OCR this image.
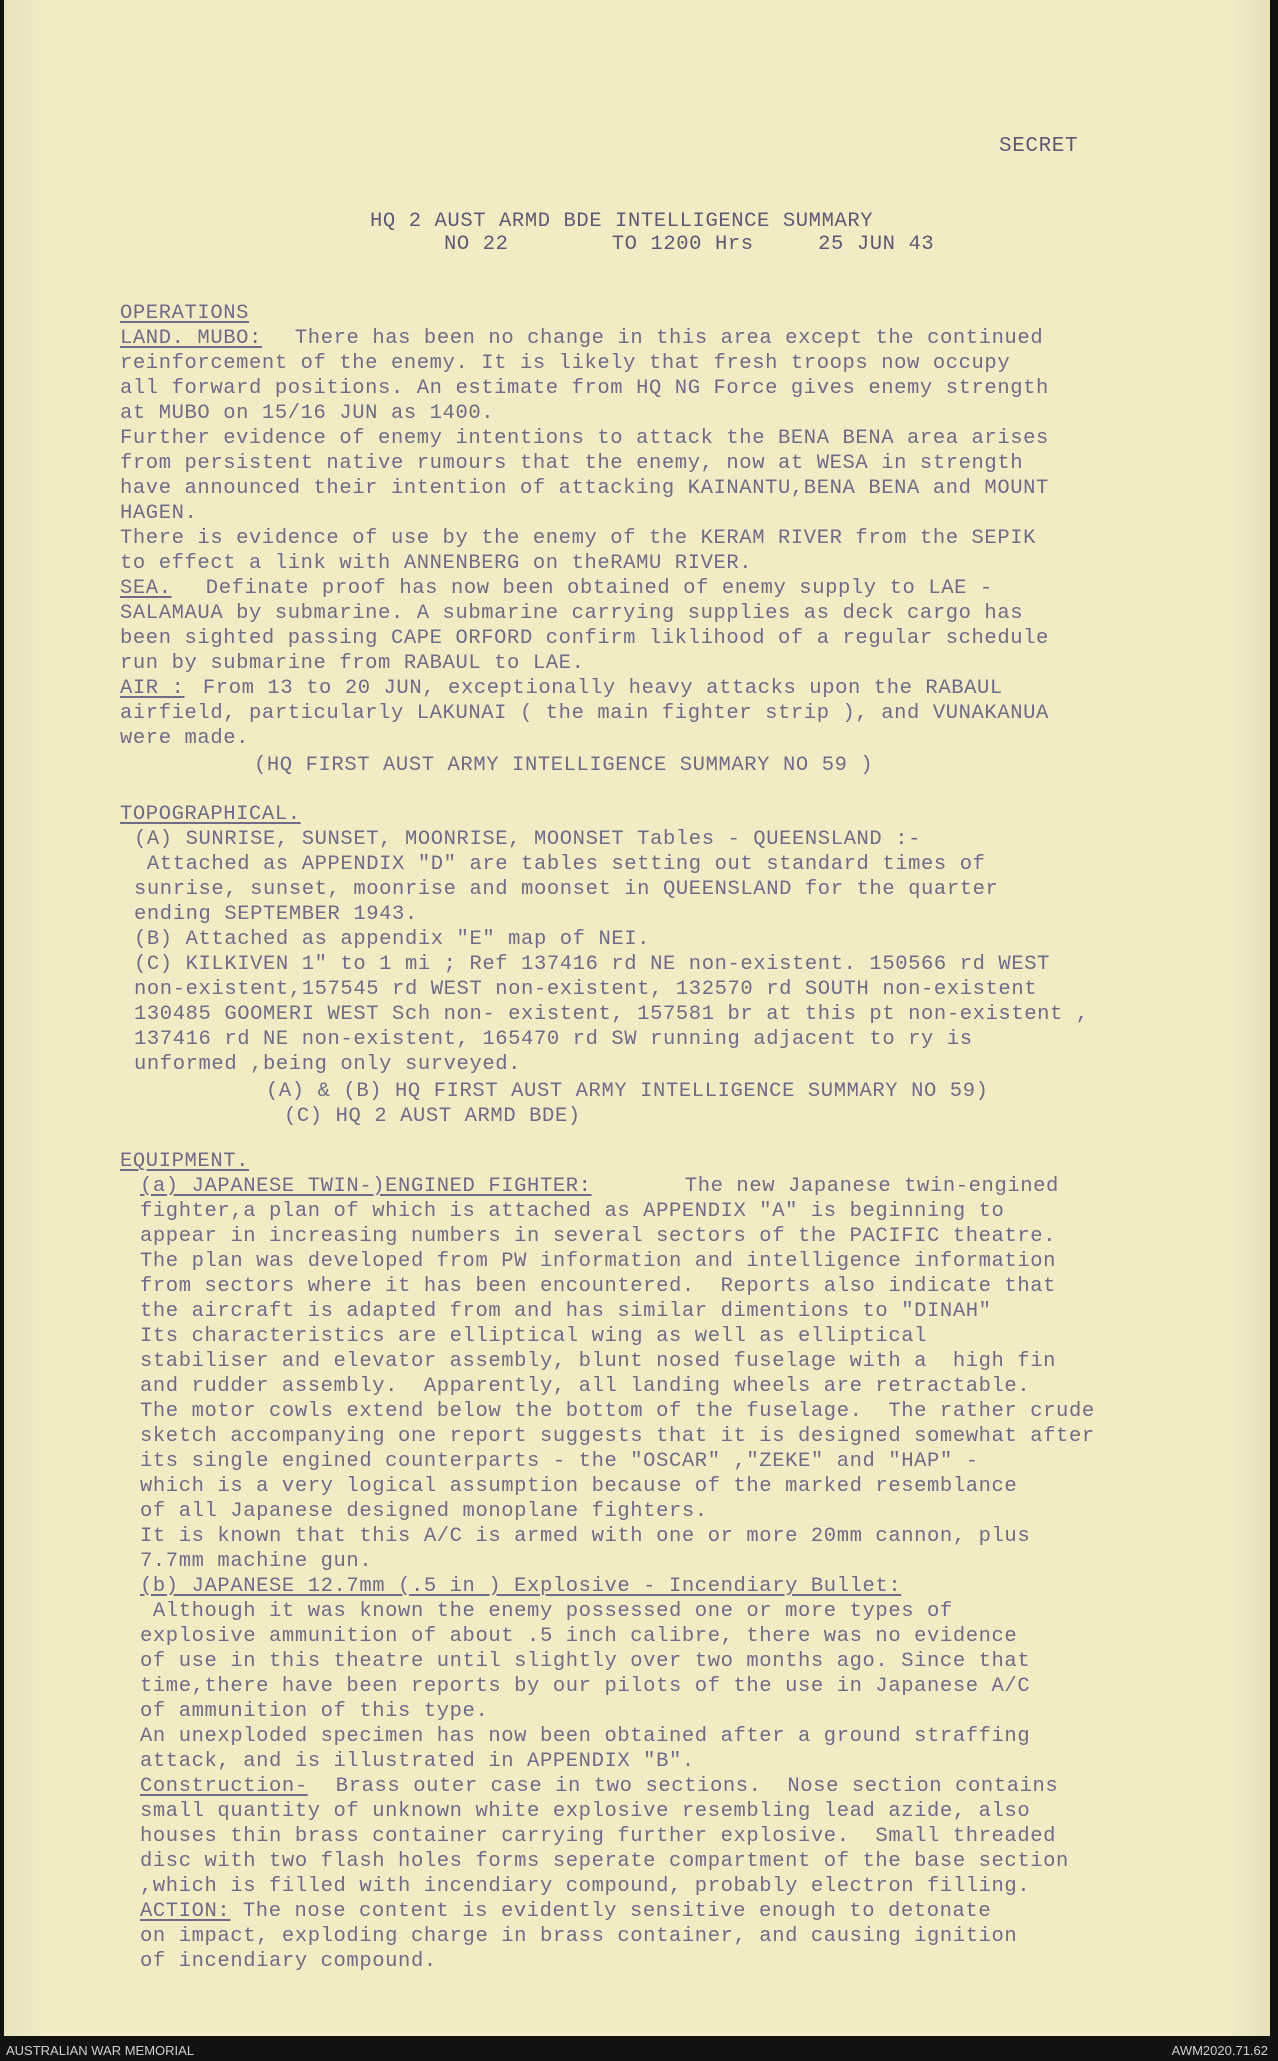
SECRET
HQ 2 AUST ARMD BDE INTELLIGENCE SUMMARY
NO 22        TO 1200 Hrs     25 JUN 43
OPERATIONS
LAND. MUBO: There has been no change in this area except the continued
reinforcement of the enemy. It is likely that fresh troops now occupy
all forward positions. An estimate from HQ NG Force gives enemy strength
at MUBO on 15/16 JUN as 1400.
Further evidence of enemy intentions to attack the BENA BENA area arises
from persistent native rumours that the enemy, now at WESA in strength
have announced their intention of attacking KAINANTU,BENA BENA and MOUNT
HAGEN.
There is evidence of use by the enemy of the KERAM RIVER from the SEPIK
to effect a link with ANNENBERG on theRAMU RIVER.
SEA. Definate proof has now been obtained of enemy supply to LAE -
SALAMAUA by submarine. A submarine carrying supplies as deck cargo has
been sighted passing CAPE ORFORD confirm liklihood of a regular schedule
run by submarine from RABAUL to LAE.
AIR : From 13 to 20 JUN, exceptionally heavy attacks upon the RABAUL
airfield, particularly LAKUNAI ( the main fighter strip ), and VUNAKANUA
were made.
(HQ FIRST AUST ARMY INTELLIGENCE SUMMARY NO 59 )
TOPOGRAPHICAL.
(A) SUNRISE, SUNSET, MOONRISE, MOONSET Tables - QUEENSLAND :-
Attached as APPENDIX "D" are tables setting out standard times of
sunrise, sunset, moonrise and moonset in QUEENSLAND for the quarter
ending SEPTEMBER 1943.
(B) Attached as appendix "E" map of NEI.
(C) KILKIVEN 1" to 1 mi ; Ref 137416 rd NE non-existent. 150566 rd WEST
non-existent,157545 rd WEST non-existent, 132570 rd SOUTH non-existent
130485 GOOMERI WEST Sch non- existent, 157581 br at this pt non-existent ,
137416 rd NE non-existent, 165470 rd SW running adjacent to ry is
unformed ,being only surveyed.
(A) & (B) HQ FIRST AUST ARMY INTELLIGENCE SUMMARY NO 59)
(C) HQ 2 AUST ARMD BDE)
EQUIPMENT.
(a) JAPANESE TWIN-)ENGINED FIGHTER:	The new Japanese twin-engined
fighter,a plan of which is attached as APPENDIX "A" is beginning to
appear in increasing numbers in several sectors of the PACIFIC theatre.
The plan was developed from PW information and intelligence information
from sectors where it has been encountered.  Reports also indicate that
the aircraft is adapted from and has similar dimentions to "DINAH"
Its characteristics are elliptical wing as well as elliptical
stabiliser and elevator assembly, blunt nosed fuselage with a  high fin
and rudder assembly.  Apparently, all landing wheels are retractable.
The motor cowls extend below the bottom of the fuselage.  The rather crude
sketch accompanying one report suggests that it is designed somewhat after
its single engined counterparts - the "OSCAR" ,"ZEKE" and "HAP" -
which is a very logical assumption because of the marked resemblance
of all Japanese designed monoplane fighters.
It is known that this A/C is armed with one or more 20mm cannon, plus
7.7mm machine gun.
(b) JAPANESE 12.7mm (.5 in ) Explosive - Incendiary Bullet:
Although it was known the enemy possessed one or more types of
explosive ammunition of about .5 inch calibre, there was no evidence
of use in this theatre until slightly over two months ago. Since that
time,there have been reports by our pilots of the use in Japanese A/C
of ammunition of this type.
An unexploded specimen has now been obtained after a ground straffing
attack, and is illustrated in APPENDIX "B".
Construction- Brass outer case in two sections.  Nose section contains
small quantity of unknown white explosive resembling lead azide, also
houses thin brass container carrying further explosive.  Small threaded
disc with two flash holes forms seperate compartment of the base section
,which is filled with incendiary compound, probably electron filling.
ACTION: The nose content is evidently sensitive enough to detonate
on impact, exploding charge in brass container, and causing ignition
of incendiary compound.
AUSTRALIAN WAR MEMORIAL	AWM2020.71.62
